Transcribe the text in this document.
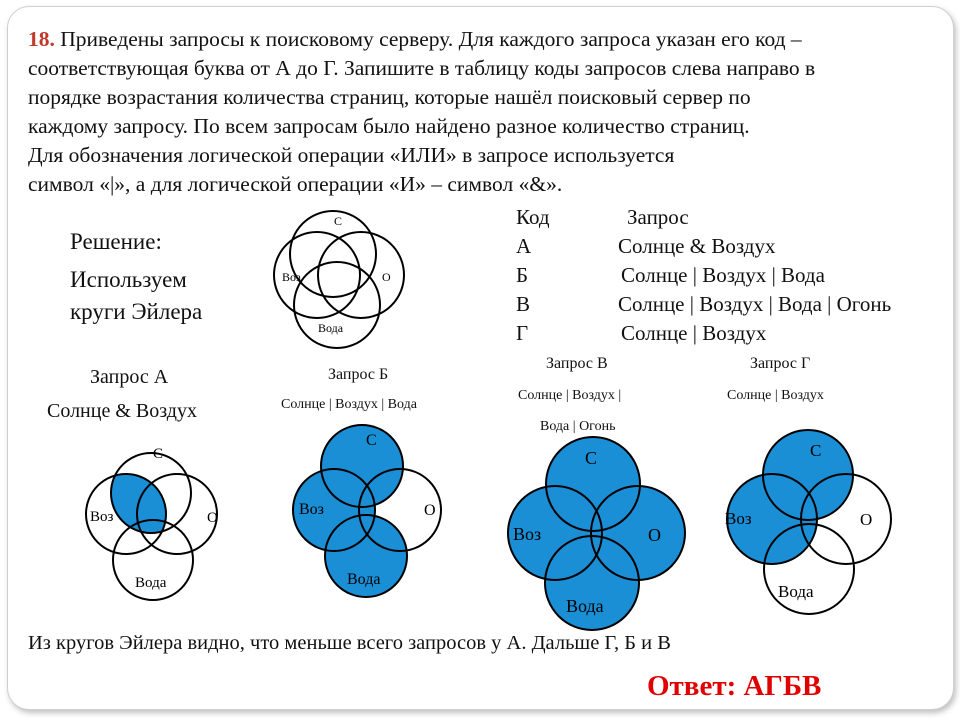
18. Приведены запросы к поисковому серверу. Для каждого запроса указан его код –
соответствующая буква от А до Г. Запишите в таблицу коды запросов слева направо в
порядке возрастания количества страниц, которые нашёл поисковый сервер по
каждому запросу. По всем запросам было найдено разное количество страниц.
Для обозначения логической операции «ИЛИ» в запросе используется
символ «|», а для логической операции «И» – символ «&».
Решение:
Используем
круги Эйлера
Код	Запрос
А	Солнце & Воздух
Б	Солнце | Воздух | Вода
В	Солнце | Воздух | Вода | Огонь
Г	Солнце | Воздух
Запрос А
Солнце & Воздух
Запрос Б
Солнце | Воздух | Вода
Запрос В
Солнце | Воздух |
Вода | Огонь
Запрос Г
Солнце | Воздух
С
Воз	О
Вода
С
Воз	О
Вода
С
Воз	О
Вода
С
Воз	О
Вода
С
Воз	О
Вода
Из кругов Эйлера видно, что меньше всего запросов у А. Дальше Г, Б и В
Ответ: АГБВ
